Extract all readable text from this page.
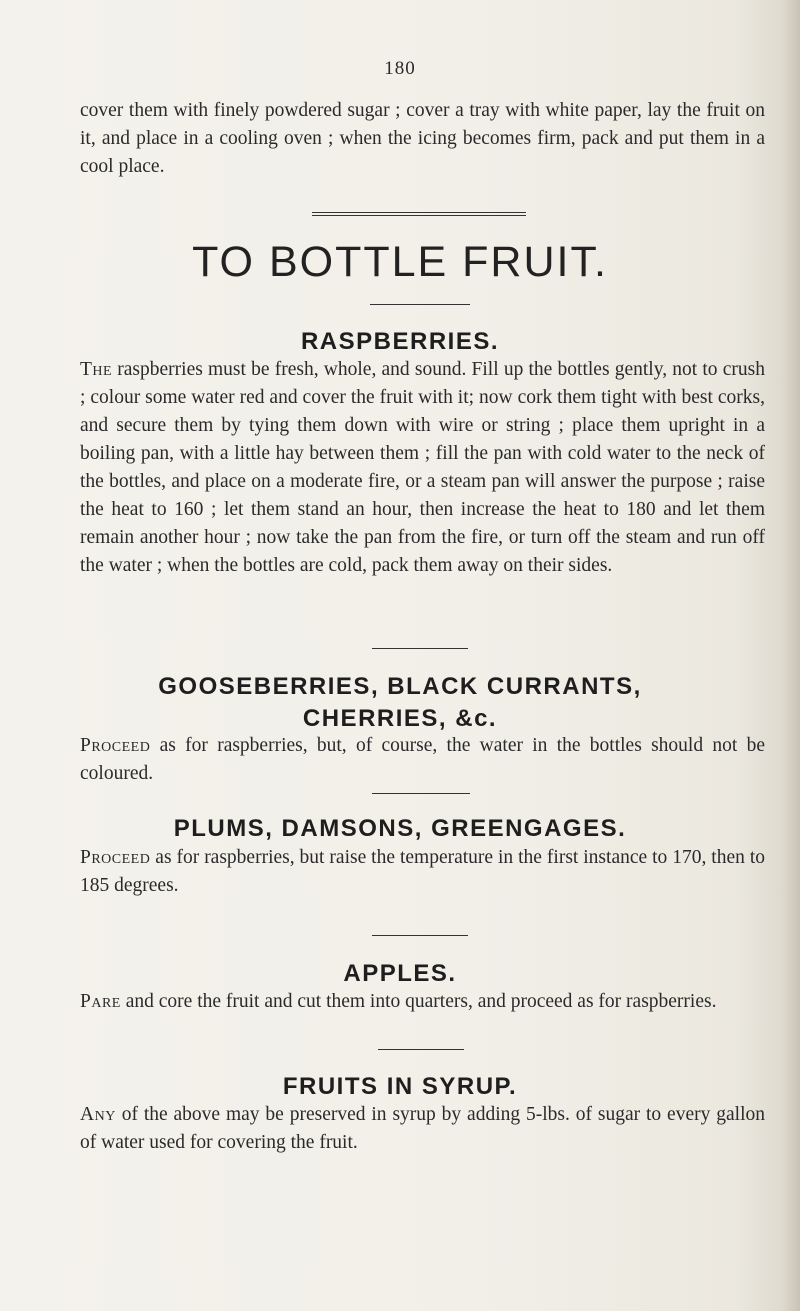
180
cover them with finely powdered sugar ; cover a tray with white paper, lay the fruit on it, and place in a cooling oven ; when the icing becomes firm, pack and put them in a cool place.
TO BOTTLE FRUIT.
RASPBERRIES.
The raspberries must be fresh, whole, and sound. Fill up the bottles gently, not to crush ; colour some water red and cover the fruit with it; now cork them tight with best corks, and secure them by tying them down with wire or string ; place them upright in a boiling pan, with a little hay between them ; fill the pan with cold water to the neck of the bottles, and place on a moderate fire, or a steam pan will answer the purpose ; raise the heat to 160 ; let them stand an hour, then increase the heat to 180 and let them remain another hour ; now take the pan from the fire, or turn off the steam and run off the water ; when the bottles are cold, pack them away on their sides.
GOOSEBERRIES, BLACK CURRANTS,
CHERRIES, &c.
Proceed as for raspberries, but, of course, the water in the bottles should not be coloured.
PLUMS, DAMSONS, GREENGAGES.
Proceed as for raspberries, but raise the temperature in the first instance to 170, then to 185 degrees.
APPLES.
Pare and core the fruit and cut them into quarters, and proceed as for raspberries.
FRUITS IN SYRUP.
Any of the above may be preserved in syrup by adding 5-lbs. of sugar to every gallon of water used for covering the fruit.
